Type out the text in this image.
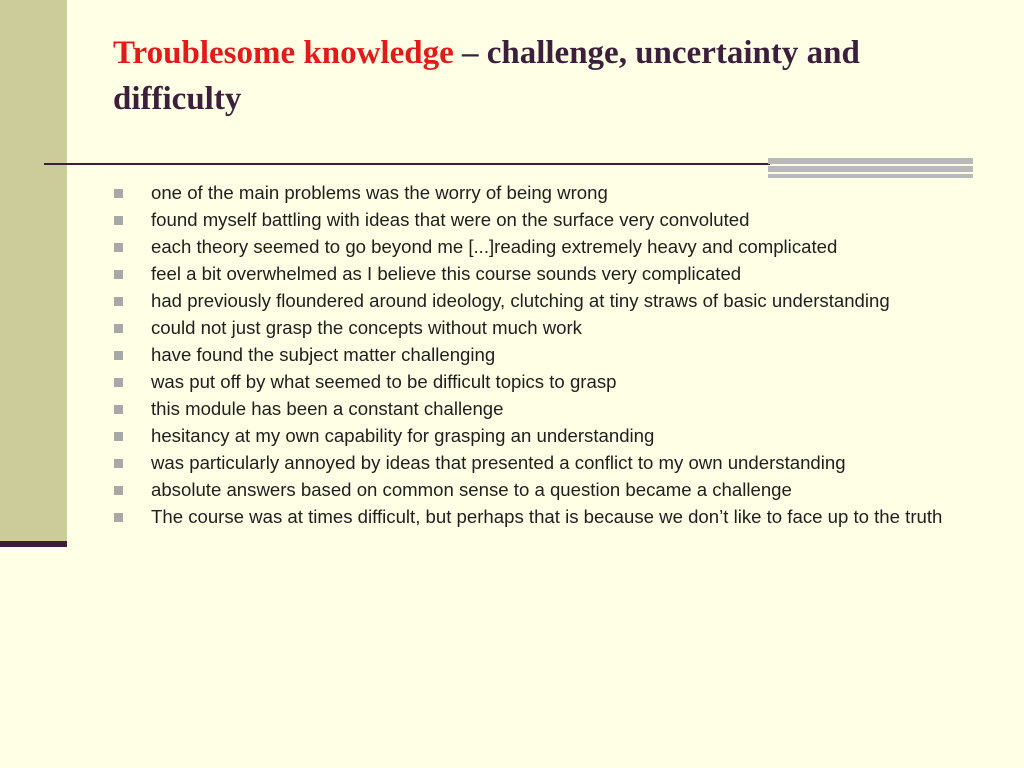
Troublesome knowledge – challenge, uncertainty and difficulty
one of the main problems was the worry of being wrong
found myself battling with ideas that were on the surface very convoluted
each theory seemed to go beyond me [...]reading extremely heavy and complicated
feel a bit overwhelmed as I believe this course sounds very complicated
had previously floundered around ideology, clutching at tiny straws of basic understanding
could not just grasp the concepts without much work
have found the subject matter challenging
was put off by what seemed to be difficult topics to grasp
this module has been a constant challenge
hesitancy at my own capability for grasping an understanding
was particularly annoyed by ideas that presented a conflict to my own understanding
absolute answers based on common sense to a question became a challenge
The course was at times difficult, but perhaps that is because we don’t like to face up to the truth
